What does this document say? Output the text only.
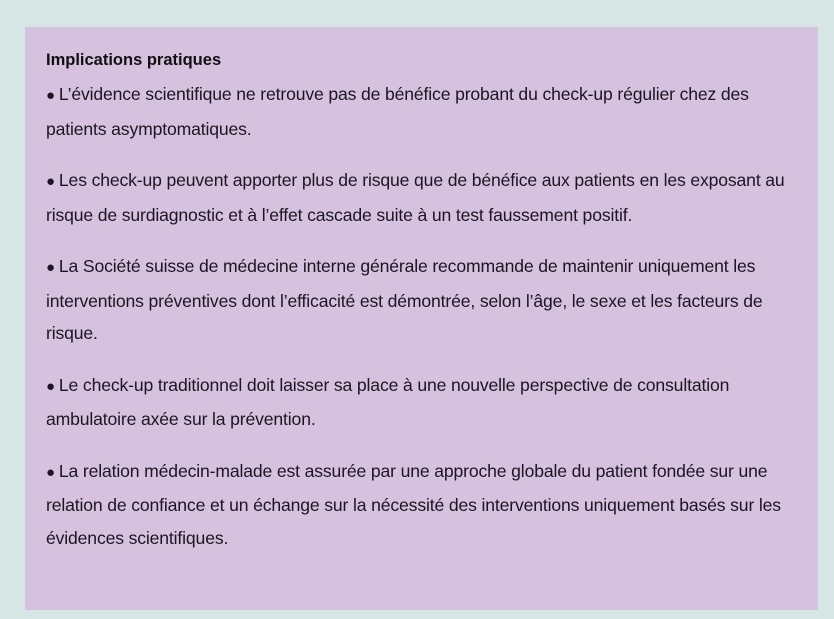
Implications pratiques
● L’évidence scientifique ne retrouve pas de bénéfice probant du check-up régulier chez des patients asymptomatiques.
● Les check-up peuvent apporter plus de risque que de bénéfice aux patients en les exposant au risque de surdiagnostic et à l’effet cascade suite à un test faussement positif.
● La Société suisse de médecine interne générale recommande de maintenir uniquement les interventions préventives dont l’efficacité est démontrée, selon l’âge, le sexe et les facteurs de risque.
● Le check-up traditionnel doit laisser sa place à une nouvelle perspective de consultation ambulatoire axée sur la prévention.
● La relation médecin-malade est assurée par une approche globale du patient fondée sur une relation de confiance et un échange sur la nécessité des interventions uniquement basés sur les évidences scientifiques.
